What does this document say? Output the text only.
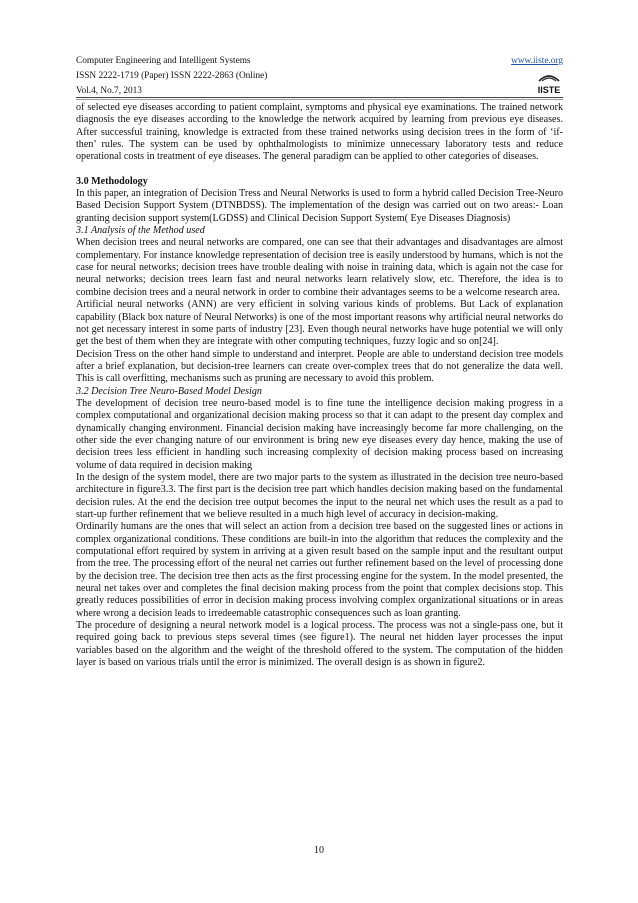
Computer Engineering and Intelligent Systems	www.iiste.org
ISSN 2222-1719 (Paper) ISSN 2222-2863 (Online)
Vol.4, No.7, 2013	IISTE

of selected eye diseases according to patient complaint, symptoms and physical eye examinations. The trained network diagnosis the eye diseases according to the knowledge the network acquired by learning from previous eye diseases. After successful training, knowledge is extracted from these trained networks using decision trees in the form of ‘if-then’ rules. The system can be used by ophthalmologists to minimize unnecessary laboratory tests and reduce operational costs in treatment of eye diseases. The general paradigm can be applied to other categories of diseases.

3.0 Methodology

In this paper, an integration of Decision Tress and Neural Networks is used to form a hybrid called Decision Tree-Neuro Based Decision Support System (DTNBDSS). The implementation of the design was carried out on two areas:- Loan granting decision support system(LGDSS) and Clinical Decision Support System( Eye Diseases Diagnosis)

3.1 Analysis of the Method used

When decision trees and neural networks are compared, one can see that their advantages and disadvantages are almost complementary. For instance knowledge representation of decision tree is easily understood by humans, which is not the case for neural networks; decision trees have trouble dealing with noise in training data, which is again not the case for neural networks; decision trees learn fast and neural networks learn relatively slow, etc. Therefore, the idea is to combine decision trees and a neural network in order to combine their advantages seems to be a welcome research area.

Artificial neural networks (ANN) are very efficient in solving various kinds of problems. But Lack of explanation capability (Black box nature of Neural Networks) is one of the most important reasons why artificial neural networks do not get necessary interest in some parts of industry [23]. Even though neural networks have huge potential we will only get the best of them when they are integrate with other computing techniques, fuzzy logic and so on[24].

Decision Tress on the other hand simple to understand and interpret. People are able to understand decision tree models after a brief explanation, but decision-tree learners can create over-complex trees that do not generalize the data well. This is call overfitting, mechanisms such as pruning are necessary to avoid this problem.

3.2 Decision Tree Neuro-Based Model Design

The development of decision tree neuro-based model is to fine tune the intelligence decision making progress in a complex computational and organizational decision making process so that it can adapt to the present day complex and dynamically changing environment. Financial decision making have increasingly become far more challenging, on the other side the ever changing nature of our environment is bring new eye diseases every day hence, making the use of decision trees less efficient in handling such increasing complexity of decision making process based on increasing volume of data required in decision making

In the design of the system model, there are two major parts to the system as illustrated in the decision tree neuro-based architecture in figure3.3. The first part is the decision tree part which handles decision making based on the fundamental decision rules. At the end the decision tree output becomes the input to the neural net which uses the result as a pad to start-up further refinement that we believe resulted in a much high level of accuracy in decision-making.

Ordinarily humans are the ones that will select an action from a decision tree based on the suggested lines or actions in complex organizational conditions. These conditions are built-in into the algorithm that reduces the complexity and the computational effort required by system in arriving at a given result based on the sample input and the resultant output from the tree. The processing effort of the neural net carries out further refinement based on the level of processing done by the decision tree. The decision tree then acts as the first processing engine for the system. In the model presented, the neural net takes over and completes the final decision making process from the point that complex decisions stop. This greatly reduces possibilities of error in decision making process involving complex organizational situations or in areas where wrong a decision leads to irredeemable catastrophic consequences such as loan granting.

The procedure of designing a neural network model is a logical process. The process was not a single-pass one, but it required going back to previous steps several times (see figure1). The neural net hidden layer processes the input variables based on the algorithm and the weight of the threshold offered to the system. The computation of the hidden layer is based on various trials until the error is minimized. The overall design is as shown in figure2.

10
